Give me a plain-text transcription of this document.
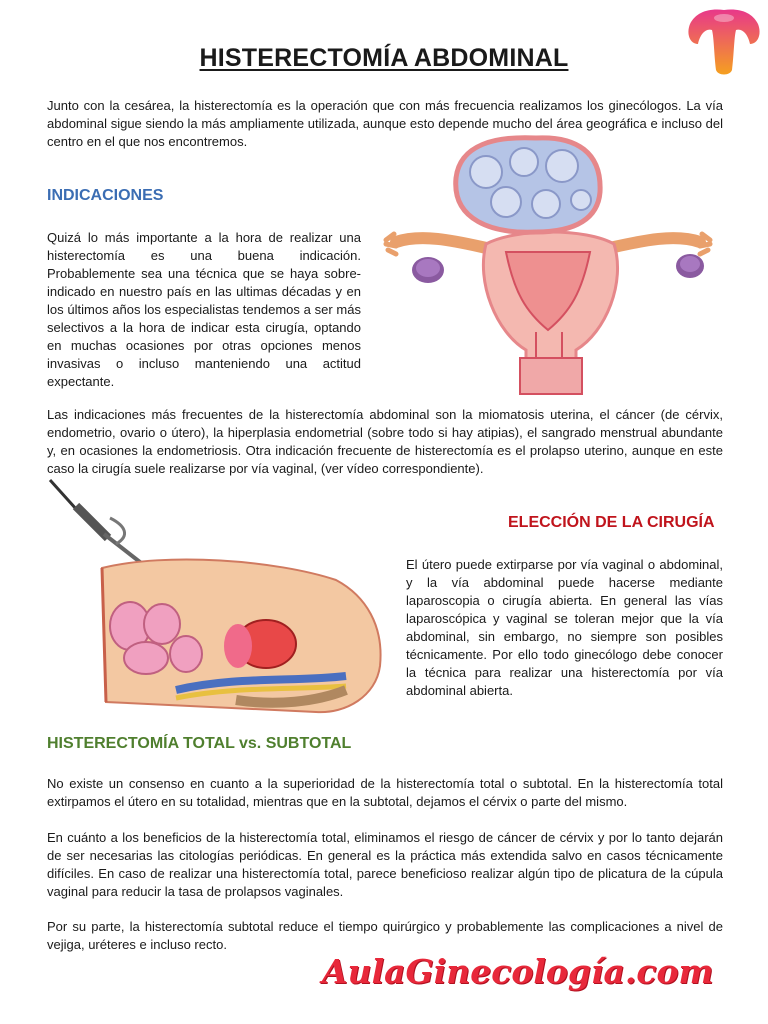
HISTERECTOMÍA ABDOMINAL

Junto con la cesárea, la histerectomía es la operación que con más frecuencia realizamos los ginecólogos. La vía abdominal sigue siendo la más ampliamente utilizada, aunque esto depende mucho del área geográfica e incluso del centro en el que nos encontremos.

INDICACIONES

Quizá lo más importante a la hora de realizar una histerectomía es una buena indicación. Probablemente sea una técnica que se haya sobre-indicado en nuestro país en las ultimas décadas y en los últimos años los especialistas tendemos a ser más selectivos a la hora de indicar esta cirugía, optando en muchas ocasiones por otras opciones menos invasivas o incluso manteniendo una actitud expectante.

Las indicaciones más frecuentes de la histerectomía abdominal son la miomatosis uterina, el cáncer (de cérvix, endometrio, ovario o útero), la hiperplasia endometrial (sobre todo si hay atipias), el sangrado menstrual abundante y, en ocasiones la endometriosis. Otra indicación frecuente de histerectomía es el prolapso uterino, aunque en este caso la cirugía suele realizarse por vía vaginal, (ver vídeo correspondiente).

ELECCIÓN DE LA CIRUGÍA

El útero puede extirparse por vía vaginal o abdominal, y la vía abdominal puede hacerse mediante laparoscopia o cirugía abierta. En general las vías laparoscópica y vaginal se toleran mejor que la vía abdominal, sin embargo, no siempre son posibles técnicamente. Por ello todo ginecólogo debe conocer la técnica para realizar una histerectomía por vía abdominal abierta.

HISTERECTOMÍA TOTAL vs. SUBTOTAL

No existe un consenso en cuanto a la superioridad de la histerectomía total o subtotal. En la histerectomía total extirpamos el útero en su totalidad, mientras que en la subtotal, dejamos el cérvix o parte del mismo.

En cuánto a los beneficios de la histerectomía total, eliminamos el riesgo de cáncer de cérvix y por lo tanto dejarán de ser necesarias las citologías periódicas. En general es la práctica más extendida salvo en casos técnicamente difíciles. En caso de realizar una histerectomía total, parece beneficioso realizar algún tipo de plicatura de la cúpula vaginal para reducir la tasa de prolapsos vaginales.

Por su parte, la histerectomía subtotal reduce el tiempo quirúrgico y probablemente las complicaciones a nivel de vejiga, uréteres e incluso recto.

AulaGinecología.com
